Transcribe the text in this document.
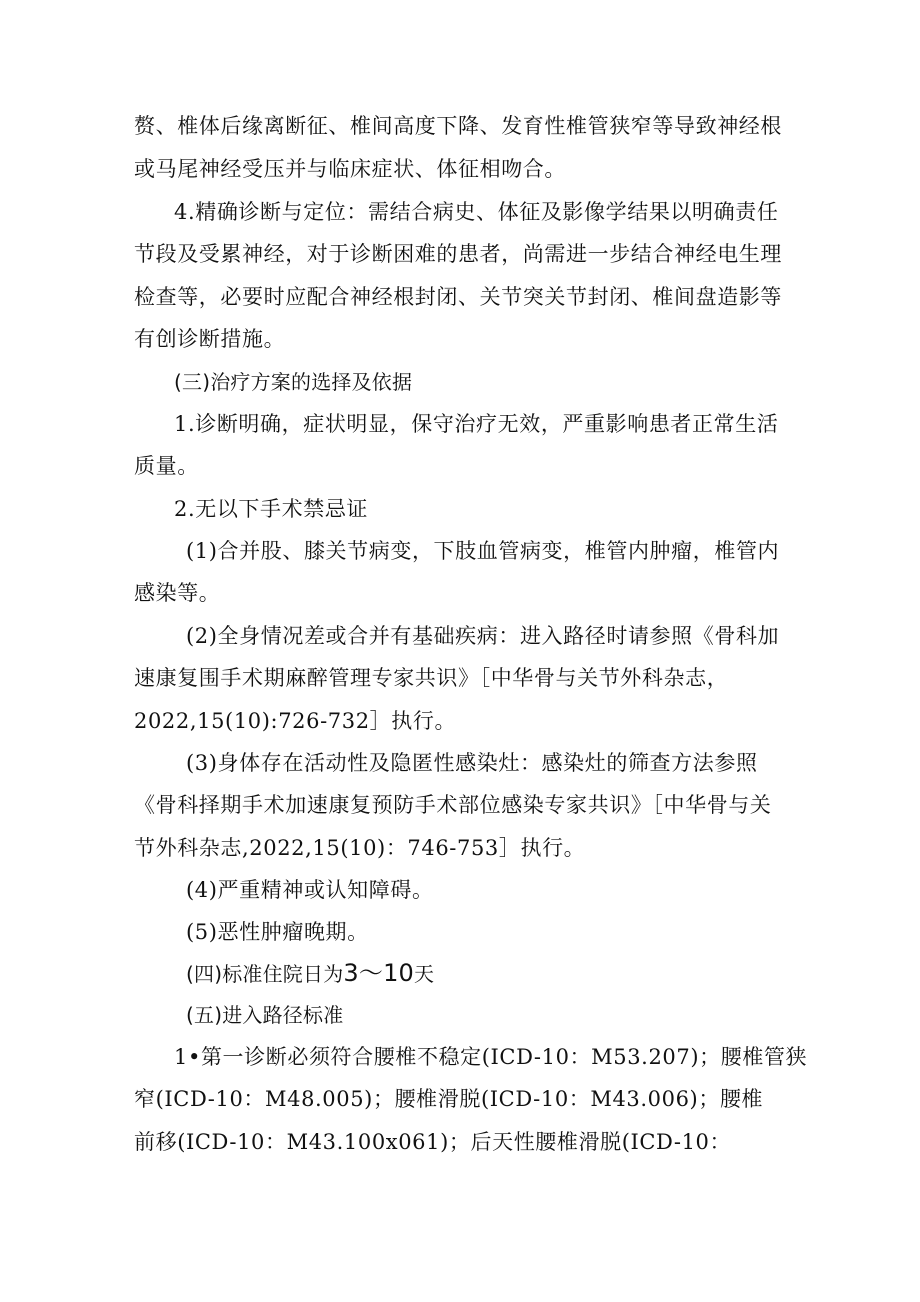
赘、椎体后缘离断征、椎间高度下降、发育性椎管狭窄等导致神经根
或马尾神经受压并与临床症状、体征相吻合。
4.精确诊断与定位：需结合病史、体征及影像学结果以明确责任
节段及受累神经，对于诊断困难的患者，尚需进一步结合神经电生理
检查等，必要时应配合神经根封闭、关节突关节封闭、椎间盘造影等
有创诊断措施。
(三)治疗方案的选择及依据
1.诊断明确，症状明显，保守治疗无效，严重影响患者正常生活
质量。
2.无以下手术禁忌证
(1)合并股、膝关节病变，下肢血管病变，椎管内肿瘤，椎管内
感染等。
(2)全身情况差或合并有基础疾病：进入路径时请参照《骨科加
速康复围手术期麻醉管理专家共识》［中华骨与关节外科杂志，
2022,15(10):726-732］执行。
(3)身体存在活动性及隐匿性感染灶：感染灶的筛查方法参照
《骨科择期手术加速康复预防手术部位感染专家共识》［中华骨与关
节外科杂志,2022,15(10)：746-753］执行。
(4)严重精神或认知障碍。
(5)恶性肿瘤晚期。
(四)标准住院日为3〜10天
(五)进入路径标准
1•第一诊断必须符合腰椎不稳定(ICD-10：M53.207)；腰椎管狭
窄(ICD-10：M48.005)；腰椎滑脱(ICD-10：M43.006)；腰椎
前移(ICD-10：M43.100x061)；后天性腰椎滑脱(ICD-10：
